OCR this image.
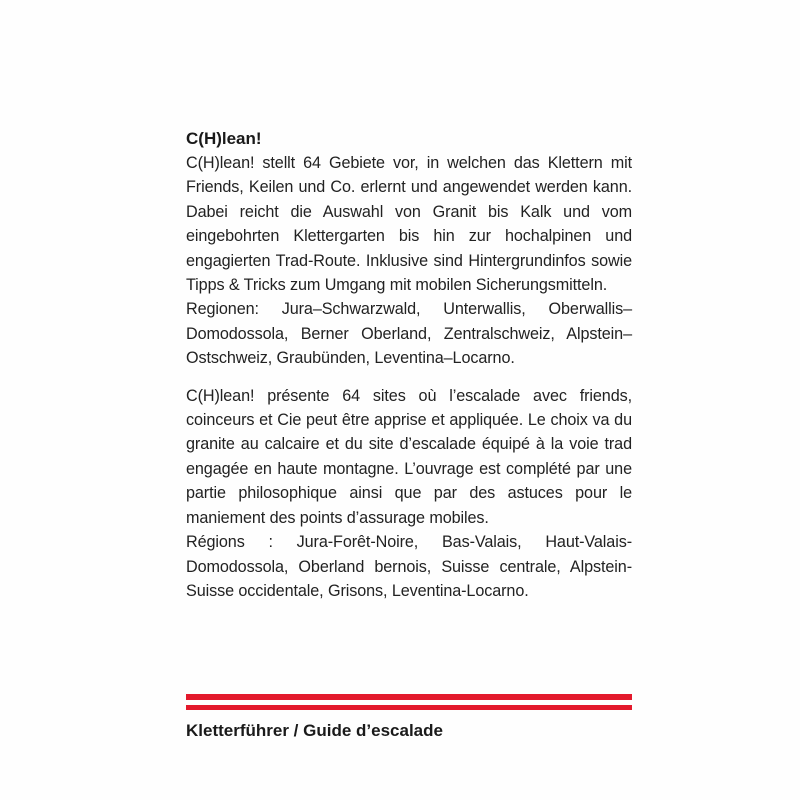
C(H)lean!

C(H)lean! stellt 64 Gebiete vor, in welchen das Klettern mit Friends, Keilen und Co. erlernt und angewendet werden kann. Dabei reicht die Auswahl von Granit bis Kalk und vom eingebohrten Klettergarten bis hin zur hochalpinen und engagierten Trad-Route. Inklusive sind Hintergrundinfos sowie Tipps & Tricks zum Umgang mit mobilen Sicherungsmitteln.

Regionen: Jura–Schwarzwald, Unterwallis, Oberwallis–Domodossola, Berner Oberland, Zentralschweiz, Alpstein–Ostschweiz, Graubünden, Leventina–Locarno.

C(H)lean! présente 64 sites où l’escalade avec friends, coinceurs et Cie peut être apprise et appliquée. Le choix va du granite au calcaire et du site d’escalade équipé à la voie trad engagée en haute montagne. L’ouvrage est complété par une partie philosophique ainsi que par des astuces pour le maniement des points d’assurage mobiles.

Régions : Jura-Forêt-Noire, Bas-Valais, Haut-Valais-Domodossola, Oberland bernois, Suisse centrale, Alpstein-Suisse occidentale, Grisons, Leventina-Locarno.

Kletterführer / Guide d’escalade
